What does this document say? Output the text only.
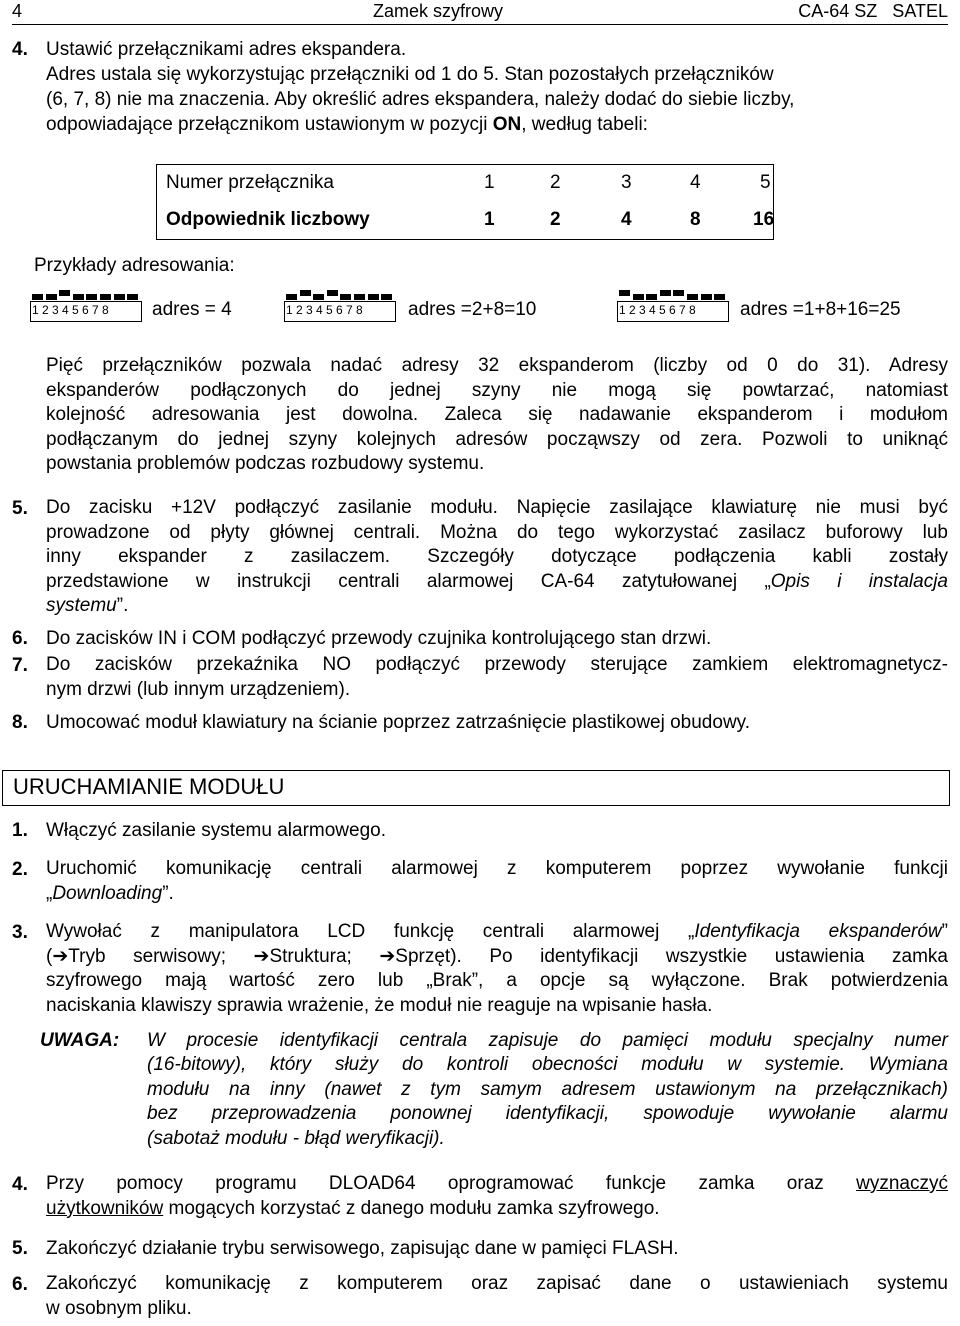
4	Zamek szyfrowy	CA-64 SZ   SATEL
4. Ustawić przełącznikami adres ekspandera.
Adres ustala się wykorzystując przełączniki od 1 do 5. Stan pozostałych przełączników
(6, 7, 8) nie ma znaczenia. Aby określić adres ekspandera, należy dodać do siebie liczby,
odpowiadające przełącznikom ustawionym w pozycji ON, według tabeli:
Numer przełącznika	1	2	3	4	5
Odpowiednik liczbowy	1	2	4	8	16
Przykłady adresowania:
1 2 3 4 5 6 7 8 adres = 4	1 2 3 4 5 6 7 8 adres =2+8=10	1 2 3 4 5 6 7 8 adres =1+8+16=25
Pięć przełączników pozwala nadać adresy 32 ekspanderom (liczby od 0 do 31). Adresy
ekspanderów podłączonych do jednej szyny nie mogą się powtarzać, natomiast
kolejność adresowania jest dowolna. Zaleca się nadawanie ekspanderom i modułom
podłączanym do jednej szyny kolejnych adresów począwszy od zera. Pozwoli to uniknąć
powstania problemów podczas rozbudowy systemu.
5. Do zacisku +12V podłączyć zasilanie modułu. Napięcie zasilające klawiaturę nie musi być
prowadzone od płyty głównej centrali. Można do tego wykorzystać zasilacz buforowy lub
inny ekspander z zasilaczem. Szczegóły dotyczące podłączenia kabli zostały
przedstawione w instrukcji centrali alarmowej CA-64 zatytułowanej „Opis i instalacja
systemu”.
6. Do zacisków IN i COM podłączyć przewody czujnika kontrolującego stan drzwi.
7. Do zacisków przekaźnika NO podłączyć przewody sterujące zamkiem elektromagnetycz-
nym drzwi (lub innym urządzeniem).
8. Umocować moduł klawiatury na ścianie poprzez zatrzaśnięcie plastikowej obudowy.
URUCHAMIANIE MODUŁU
1. Włączyć zasilanie systemu alarmowego.
2. Uruchomić komunikację centrali alarmowej z komputerem poprzez wywołanie funkcji
„Downloading”.
3. Wywołać z manipulatora LCD funkcję centrali alarmowej „Identyfikacja ekspanderów”
(➔Tryb serwisowy; ➔Struktura; ➔Sprzęt). Po identyfikacji wszystkie ustawienia zamka
szyfrowego mają wartość zero lub „Brak”, a opcje są wyłączone. Brak potwierdzenia
naciskania klawiszy sprawia wrażenie, że moduł nie reaguje na wpisanie hasła.
UWAGA: W procesie identyfikacji centrala zapisuje do pamięci modułu specjalny numer
(16-bitowy), który służy do kontroli obecności modułu w systemie. Wymiana
modułu na inny (nawet z tym samym adresem ustawionym na przełącznikach)
bez przeprowadzenia ponownej identyfikacji, spowoduje wywołanie alarmu
(sabotaż modułu - błąd weryfikacji).
4. Przy pomocy programu DLOAD64 oprogramować funkcje zamka oraz wyznaczyć
użytkowników mogących korzystać z danego modułu zamka szyfrowego.
5. Zakończyć działanie trybu serwisowego, zapisując dane w pamięci FLASH.
6. Zakończyć komunikację z komputerem oraz zapisać dane o ustawieniach systemu
w osobnym pliku.
